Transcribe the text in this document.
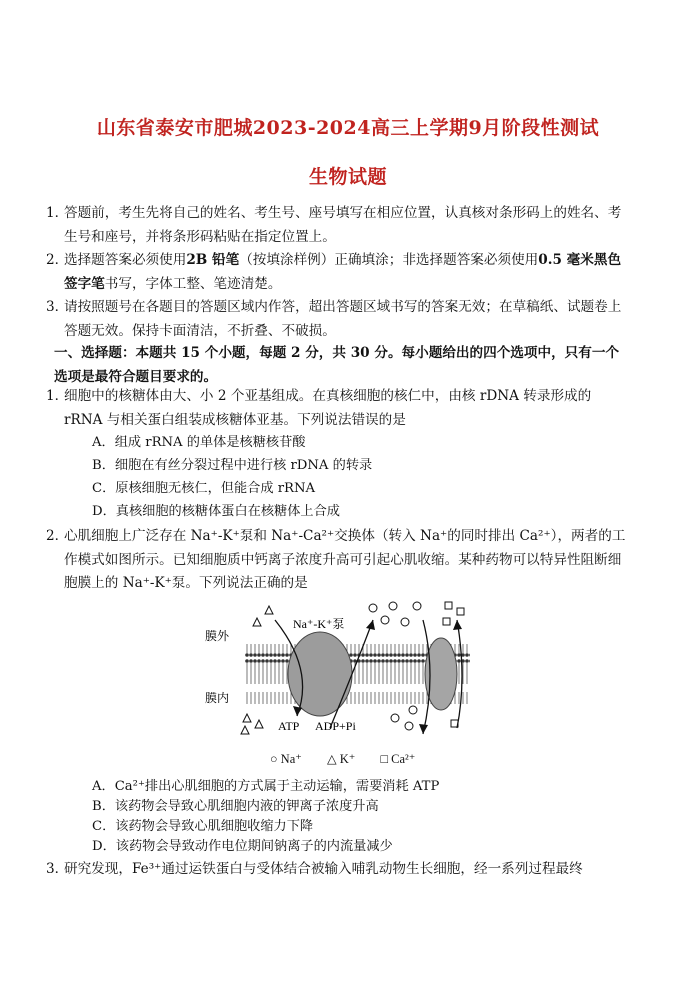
山东省泰安市肥城2023-2024高三上学期9月阶段性测试
生物试题
1．
答题前，考生先将自己的姓名、考生号、座号填写在相应位置，认真核对条形码上的姓名、考生号和座号，并将条形码粘贴在指定位置上。
2．
选择题答案必须使用2B 铅笔（按填涂样例）正确填涂；非选择题答案必须使用0.5 毫米黑色签字笔书写，字体工整、笔迹清楚。
3．
请按照题号在各题目的答题区域内作答，超出答题区域书写的答案无效；在草稿纸、试题卷上答题无效。保持卡面清洁，不折叠、不破损。
一、选择题：本题共 15 个小题，每题 2 分，共 30 分。每小题给出的四个选项中，只有一个选项是最符合题目要求的。
1．
细胞中的核糖体由大、小 2 个亚基组成。在真核细胞的核仁中，由核 rDNA 转录形成的 rRNA 与相关蛋白组装成核糖体亚基。下列说法错误的是
A．组成 rRNA 的单体是核糖核苷酸
B．细胞在有丝分裂过程中进行核 rDNA 的转录
C．原核细胞无核仁，但能合成 rRNA
D．真核细胞的核糖体蛋白在核糖体上合成
2．
心肌细胞上广泛存在 Na⁺-K⁺泵和 Na⁺-Ca²⁺交换体（转入 Na⁺的同时排出 Ca²⁺），两者的工作模式如图所示。已知细胞质中钙离子浓度升高可引起心肌收缩。某种药物可以特异性阻断细胞膜上的 Na⁺-K⁺泵。下列说法正确的是
膜外
膜内
Na⁺-K⁺泵
ATP ADP+Pi
○ Na⁺ △ K⁺ □ Ca²⁺
A．Ca²⁺排出心肌细胞的方式属于主动运输，需要消耗 ATP
B．该药物会导致心肌细胞内液的钾离子浓度升高
C．该药物会导致心肌细胞收缩力下降
D．该药物会导致动作电位期间钠离子的内流量减少
3．
研究发现，Fe³⁺通过运铁蛋白与受体结合被输入哺乳动物生长细胞，经一系列过程最终
